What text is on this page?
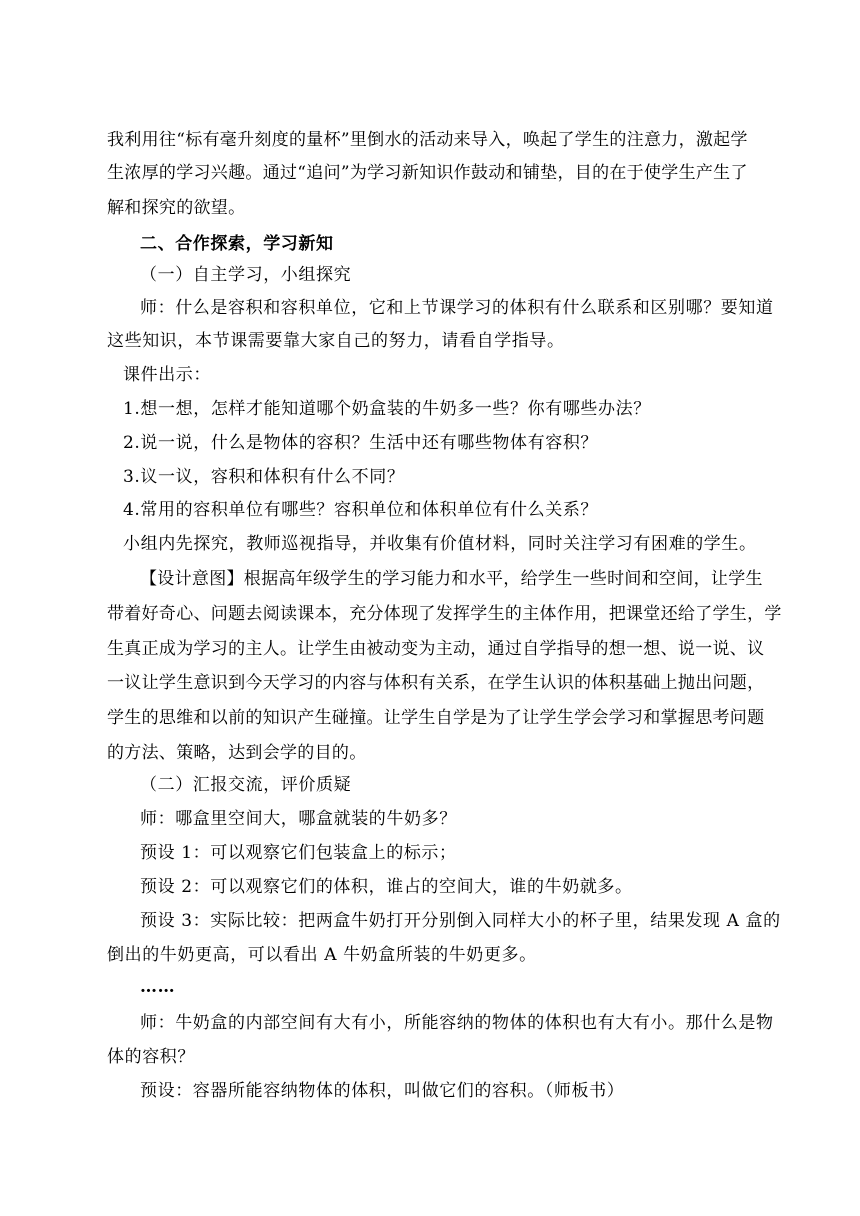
我利用往“标有毫升刻度的量杯”里倒水的活动来导入，唤起了学生的注意力，激起学
生浓厚的学习兴趣。通过“追问”为学习新知识作鼓动和铺垫，目的在于使学生产生了
解和探究的欲望。
二、合作探索，学习新知
（一）自主学习，小组探究
师：什么是容积和容积单位，它和上节课学习的体积有什么联系和区别哪？要知道
这些知识，本节课需要靠大家自己的努力，请看自学指导。
课件出示：
1.想一想，怎样才能知道哪个奶盒装的牛奶多一些？你有哪些办法？
2.说一说，什么是物体的容积？生活中还有哪些物体有容积？
3.议一议，容积和体积有什么不同？
4.常用的容积单位有哪些？容积单位和体积单位有什么关系？
小组内先探究，教师巡视指导，并收集有价值材料，同时关注学习有困难的学生。
【设计意图】根据高年级学生的学习能力和水平，给学生一些时间和空间，让学生
带着好奇心、问题去阅读课本，充分体现了发挥学生的主体作用，把课堂还给了学生，学
生真正成为学习的主人。让学生由被动变为主动，通过自学指导的想一想、说一说、议
一议让学生意识到今天学习的内容与体积有关系，在学生认识的体积基础上抛出问题，
学生的思维和以前的知识产生碰撞。让学生自学是为了让学生学会学习和掌握思考问题
的方法、策略，达到会学的目的。
（二）汇报交流，评价质疑
师：哪盒里空间大，哪盒就装的牛奶多？
预设 1：可以观察它们包装盒上的标示；
预设 2：可以观察它们的体积，谁占的空间大，谁的牛奶就多。
预设 3：实际比较：把两盒牛奶打开分别倒入同样大小的杯子里，结果发现 A 盒的
倒出的牛奶更高，可以看出 A 牛奶盒所装的牛奶更多。
……
师：牛奶盒的内部空间有大有小，所能容纳的物体的体积也有大有小。那什么是物
体的容积？
预设：容器所能容纳物体的体积，叫做它们的容积。（师板书）
